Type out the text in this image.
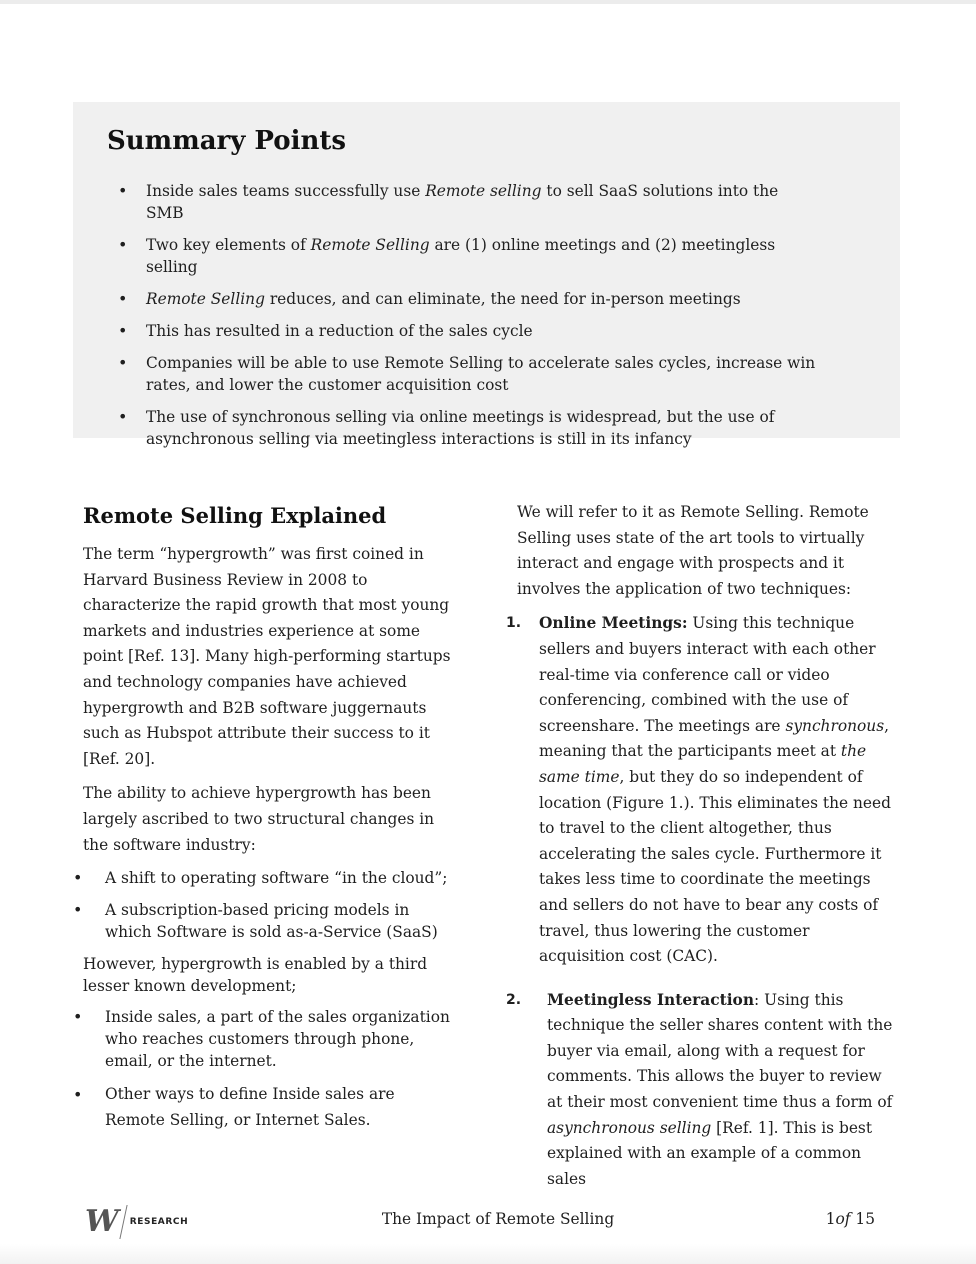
Summary Points
• Inside sales teams successfully use Remote selling to sell SaaS solutions into the SMB
• Two key elements of Remote Selling are (1) online meetings and (2) meetingless selling
• Remote Selling reduces, and can eliminate, the need for in-person meetings
• This has resulted in a reduction of the sales cycle
• Companies will be able to use Remote Selling to accelerate sales cycles, increase win rates, and lower the customer acquisition cost
• The use of synchronous selling via online meetings is widespread, but the use of asynchronous selling via meetingless interactions is still in its infancy
Remote Selling Explained

The term “hypergrowth” was first coined in Harvard Business Review in 2008 to characterize the rapid growth that most young markets and industries experience at some point [Ref. 13]. Many high-performing startups and technology companies have achieved hypergrowth and B2B software juggernauts such as Hubspot attribute their success to it [Ref. 20].

The ability to achieve hypergrowth has been largely ascribed to two structural changes in the software industry:

• A shift to operating software “in the cloud”;
• A subscription-based pricing models in which Software is sold as-a-Service (SaaS)

However, hypergrowth is enabled by a third lesser known development;

• Inside sales, a part of the sales organization who reaches customers through phone, email, or the internet.
• Other ways to define Inside sales are Remote Selling, or Internet Sales.

We will refer to it as Remote Selling. Remote Selling uses state of the art tools to virtually interact and engage with prospects and it involves the application of two techniques:

1. Online Meetings: Using this technique sellers and buyers interact with each other real-time via conference call or video conferencing, combined with the use of screenshare. The meetings are synchronous, meaning that the participants meet at the same time, but they do so independent of location (Figure 1.). This eliminates the need to travel to the client altogether, thus accelerating the sales cycle. Furthermore it takes less time to coordinate the meetings and sellers do not have to bear any costs of travel, thus lowering the customer acquisition cost (CAC).
2. Meetingless Interaction: Using this technique the seller shares content with the buyer via email, along with a request for comments. This allows the buyer to review at their most convenient time thus a form of asynchronous selling [Ref. 1]. This is best explained with an example of a common sales
W RESEARCH	The Impact of Remote Selling	1of 15
